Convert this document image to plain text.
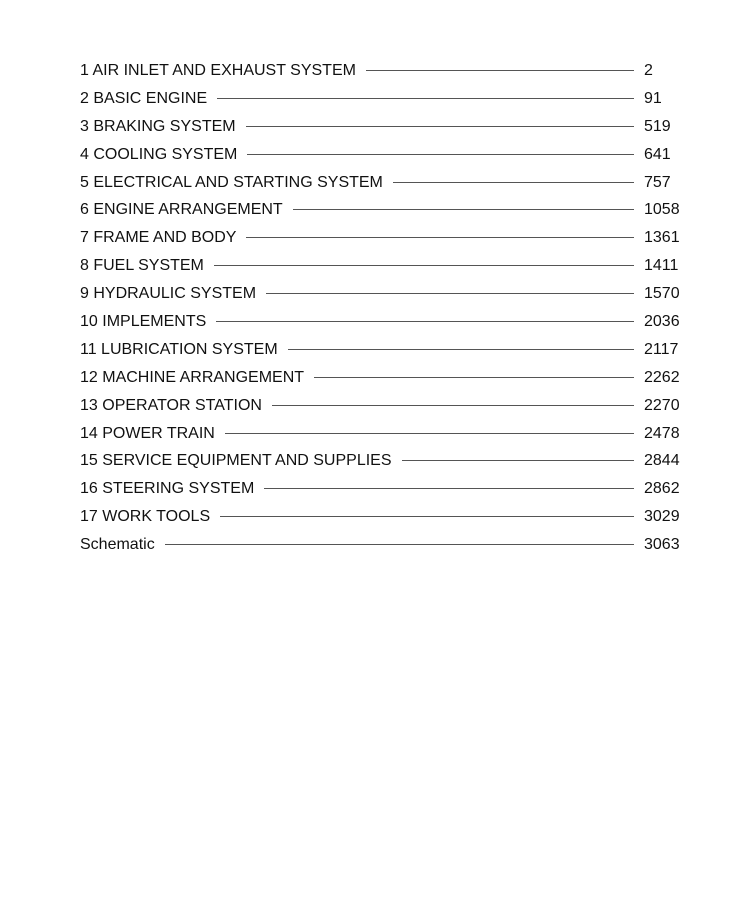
1 AIR INLET AND EXHAUST SYSTEM	2
2 BASIC ENGINE	91
3 BRAKING SYSTEM	519
4 COOLING SYSTEM	641
5 ELECTRICAL AND STARTING SYSTEM	757
6 ENGINE ARRANGEMENT	1058
7 FRAME AND BODY	1361
8 FUEL SYSTEM	1411
9 HYDRAULIC SYSTEM	1570
10 IMPLEMENTS	2036
11 LUBRICATION SYSTEM	2117
12 MACHINE ARRANGEMENT	2262
13 OPERATOR STATION	2270
14 POWER TRAIN	2478
15 SERVICE EQUIPMENT AND SUPPLIES	2844
16 STEERING SYSTEM	2862
17 WORK TOOLS	3029
Schematic	3063
